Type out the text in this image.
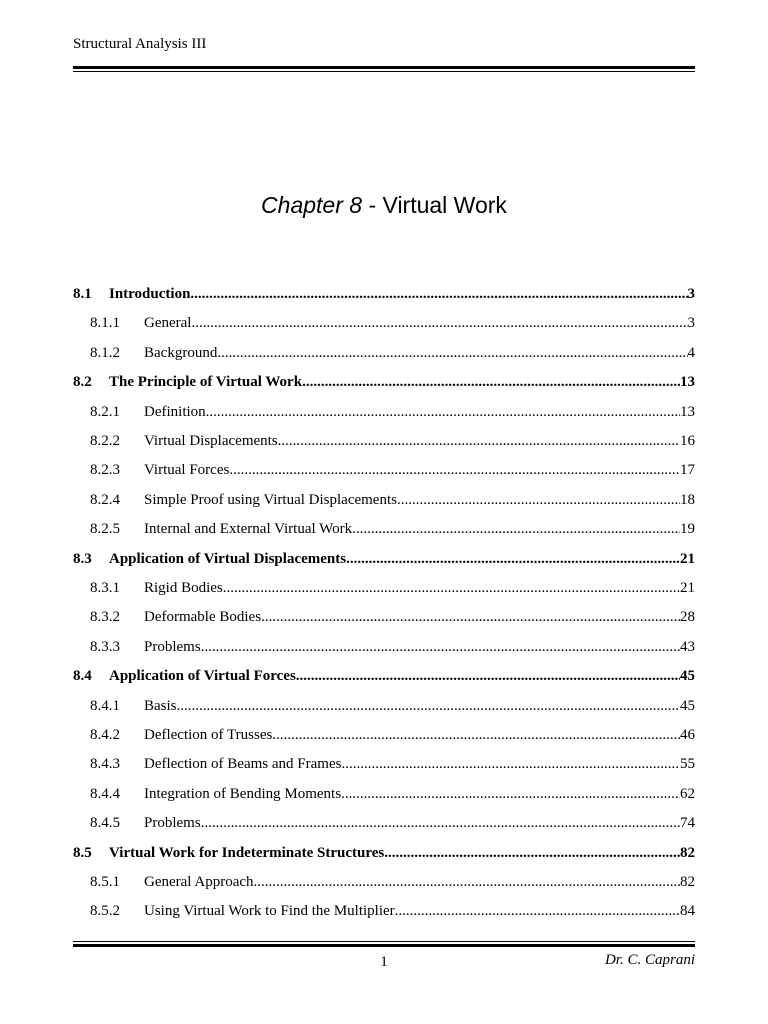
Structural Analysis III
Chapter 8 - Virtual Work
8.1	Introduction .....	3
8.1.1	General .....	3
8.1.2	Background .....	4
8.2	The Principle of Virtual Work .....	13
8.2.1	Definition .....	13
8.2.2	Virtual Displacements .....	16
8.2.3	Virtual Forces .....	17
8.2.4	Simple Proof using Virtual Displacements .....	18
8.2.5	Internal and External Virtual Work .....	19
8.3	Application of Virtual Displacements .....	21
8.3.1	Rigid Bodies .....	21
8.3.2	Deformable Bodies .....	28
8.3.3	Problems .....	43
8.4	Application of Virtual Forces .....	45
8.4.1	Basis .....	45
8.4.2	Deflection of Trusses .....	46
8.4.3	Deflection of Beams and Frames .....	55
8.4.4	Integration of Bending Moments .....	62
8.4.5	Problems .....	74
8.5	Virtual Work for Indeterminate Structures .....	82
8.5.1	General Approach .....	82
8.5.2	Using Virtual Work to Find the Multiplier .....	84
1	Dr. C. Caprani
